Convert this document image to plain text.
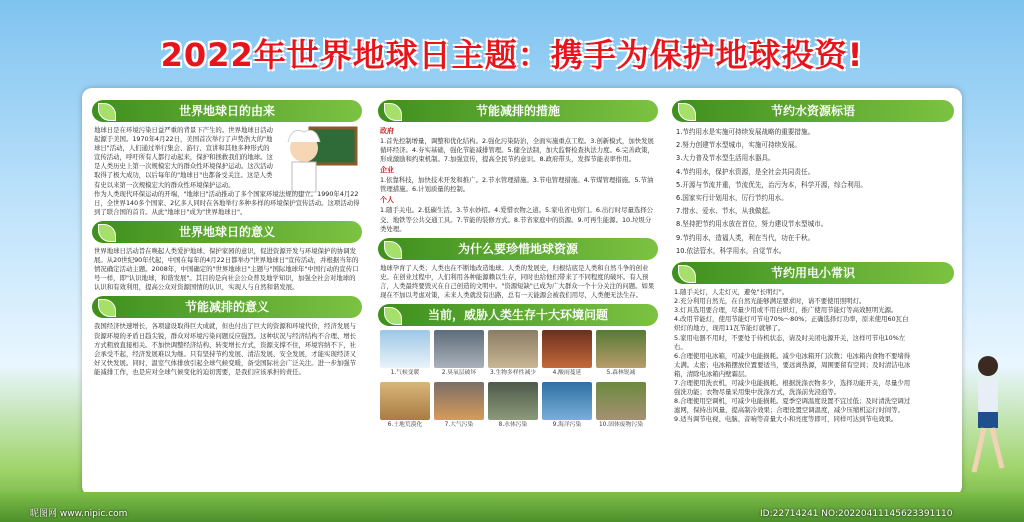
2022年世界地球日主题：携手为保护地球投资!
世界地球日的由来
地球日是在环境污染日益严重的背景下产生的。世界地球日活动起源于美国。1970年4月22日，美国首次举行了声势浩大的"地球日"活动，人们通过举行集会、游行、宣讲和其他多种形式的宣传活动，呼吁所有人都行动起来，保护和拯救我们的地球。这是人类历史上第一次规模宏大的群众性环境保护运动。这次活动取得了极大成功，以后每年的"地球日"也都备受关注。这是人类有史以来第一次规模宏大的群众性环境保护运动。
作为人类现代环保运动的开端，"地球日"活动推动了多个国家环境法规的建立。1990年4月22日，全世界140多个国家、2亿多人同时在各地举行多种多样的环境保护宣传活动。这项活动得到了联合国的首肯。从此"地球日"成为"世界地球日"。
世界地球日的意义
世界地球日活动旨在唤起人类爱护地球、保护家园的意识，促进资源开发与环境保护的协调发展。从20世纪90年代起，中国在每年的4月22日都举办"世界地球日"宣传活动，并根据当年的情况确定活动主题。2008年，中国确定的"世界地球日"主题与"国际地球年"中国行动的宣传口号一样，即"认识地球，和谐发展"。其目的是向社会公众普及地学知识，加强全社会对地球的认识和有效利用，提高公众对资源国情的认识，实现人与自然和谐发展。
节能减排的意义
我国经济快速增长，各项建设取得巨大成就，但也付出了巨大的资源和环境代价，经济发展与资源环境的矛盾日趋尖锐，群众对环境污染问题反应强烈。这种状况与经济结构不合理、增长方式粗放直接相关。不加快调整经济结构、转变增长方式，资源支撑不住，环境容纳不下，社会承受不起，经济发展难以为继。只有坚持节约发展、清洁发展、安全发展，才能实现经济又好又快发展。同时，温室气体排放引起全球气候变暖，备受国际社会广泛关注。进一步加强节能减排工作，也是应对全球气候变化的迫切需要，是我们应该承担的责任。
节能减排的措施
政府
1.首先控制增量，调整和优化结构。2.强化污染防治，全面实施重点工程。3.创新模式，加快发展循环经济。4.夯实基础，强化节能减排管理。5.健全法制，加大监督检查执法力度。6.完善政策，形成激励和约束机制。7.加强宣传，提高全民节约意识。8.政府带头，发挥节能表率作用。
企业
1.依靠科技，加快技术开发和推广。2.节水管理措施。3.节电管理措施。4.节煤管理措施。5.节油管理措施。6.计划质量的控制。
个人
1.随手关电。2.低碳生活。3.节水妙招。4.爱惜衣物之道。5.家电省电窍门。6.出行时尽量选择公交、地铁等公共交通工具。7.节能的装修方式。8.节省家庭中的资源。9.可再生能源。10.垃圾分类处理。
为什么要珍惜地球资源
地球孕育了人类；人类也在不断地改造地球。人类的发展史，归根结底是人类和自然斗争的创业史。在创业过程中，人们利用各种能源赖以生存，同时也给他们带来了不同程度的破坏。有人预言，人类最终要毁灭在自己创造的文明中。"资源短缺"已成为广大群众一个十分关注的问题。如果现在不加以考虑对策，未来人类就没有出路，总有一天能源会被我们用尽，人类便无法生存。
当前，威胁人类生存十大环境问题
1.气候变暖	2.臭氧层破坏	3.生物多样性减少	4.酸雨蔓延	5.森林锐减
6.土地荒漠化	7.大气污染	8.水体污染	9.海洋污染	10.固体废物污染
节约水资源标语
1.节约用水是实施可持续发展战略的重要措施。
2.努力创建节水型城市，实施可持续发展。
3.大力普及节水型生活用水器具。
4.节约用水，保护水资源，是全社会共同责任。
5.开源与节流并重，节流优先，治污为本，科学开源，综合利用。
6.国家实行计划用水，厉行节约用水。
7.惜水、爱水、节水，从我做起。
8.坚持把节约用水放在首位，努力建设节水型城市。
9.节约用水，造福人类，利在当代，功在千秋。
10.依法管水，科学用水，自觉节水。
节约用电小常识
1.随手关灯，人走灯灭，避免"长明灯"。
2.充分利用自然光，在自然光能够满足要求时，请不要使用照明灯。
3.灯具选用要合理，尽量少用或不用白炽灯，推广使用节能灯等高效照明光源。
4.改用节能灯，使用节能灯可节电70%～80%；正确选择灯功率，原来使用60瓦白炽灯的地方，现用11瓦节能灯就够了。
5.家用电器不用时，不要处于待机状态，请及时关闭电源开关，这样可节电10%左右。
6.合理使用电冰箱，可减少电能损耗。减少电冰箱开门次数；电冰箱内食物不要堵得太满。太密；电冰箱摆放位置要适当，要远离热源，周围要留有空间；及时清洁电冰箱，清除电冰箱内壁霜层。
7.合理使用洗衣机，可减少电能损耗。根据洗涤衣物多少，选择功能开关，尽量少用强洗功能；衣物尽量采用集中洗涤方式，洗涤前先浸泡等。
8.合理使用空调机，可减少电能损耗。夏季空调温度设置不宜过低；及时清洗空调过滤网，保持出风量，提高制冷效果；合理设置空调温度，减少压缩机运行时间等。
9.适当调节电视、电脑、音响等音量大小和亮度等即可，同样可达到节电效果。
昵图网 www.nipic.com	ID:22714241 NO:20220411145623391110
